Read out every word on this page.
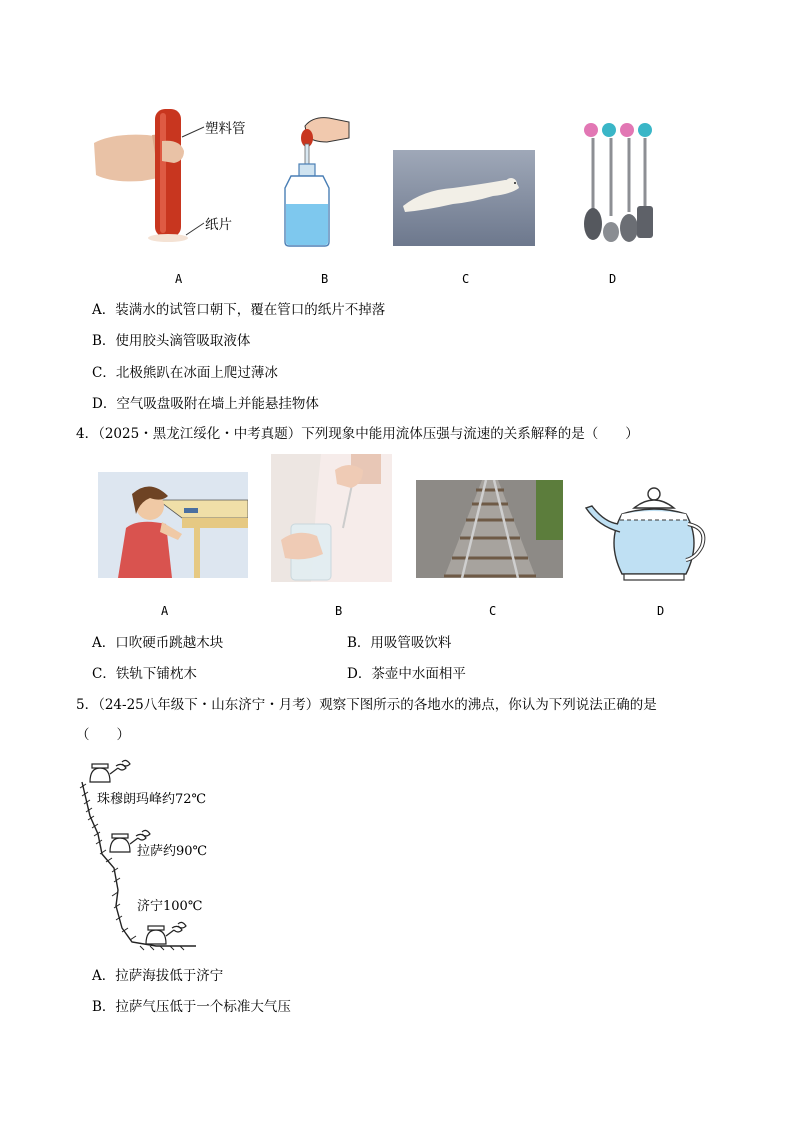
塑料管
纸片
A	B	C	D
A．装满水的试管口朝下，覆在管口的纸片不掉落
B．使用胶头滴管吸取液体
C．北极熊趴在冰面上爬过薄冰
D．空气吸盘吸附在墙上并能悬挂物体
4．（2025・黑龙江绥化・中考真题）下列现象中能用流体压强与流速的关系解释的是（　　）
A	B	C	D
A．口吹硬币跳越木块	B．用吸管吸饮料
C．铁轨下铺枕木	D．茶壶中水面相平
5．（24-25八年级下・山东济宁・月考）观察下图所示的各地水的沸点，你认为下列说法正确的是
（　　）
珠穆朗玛峰约72℃
拉萨约90℃
济宁100℃
A．拉萨海拔低于济宁
B．拉萨气压低于一个标准大气压
